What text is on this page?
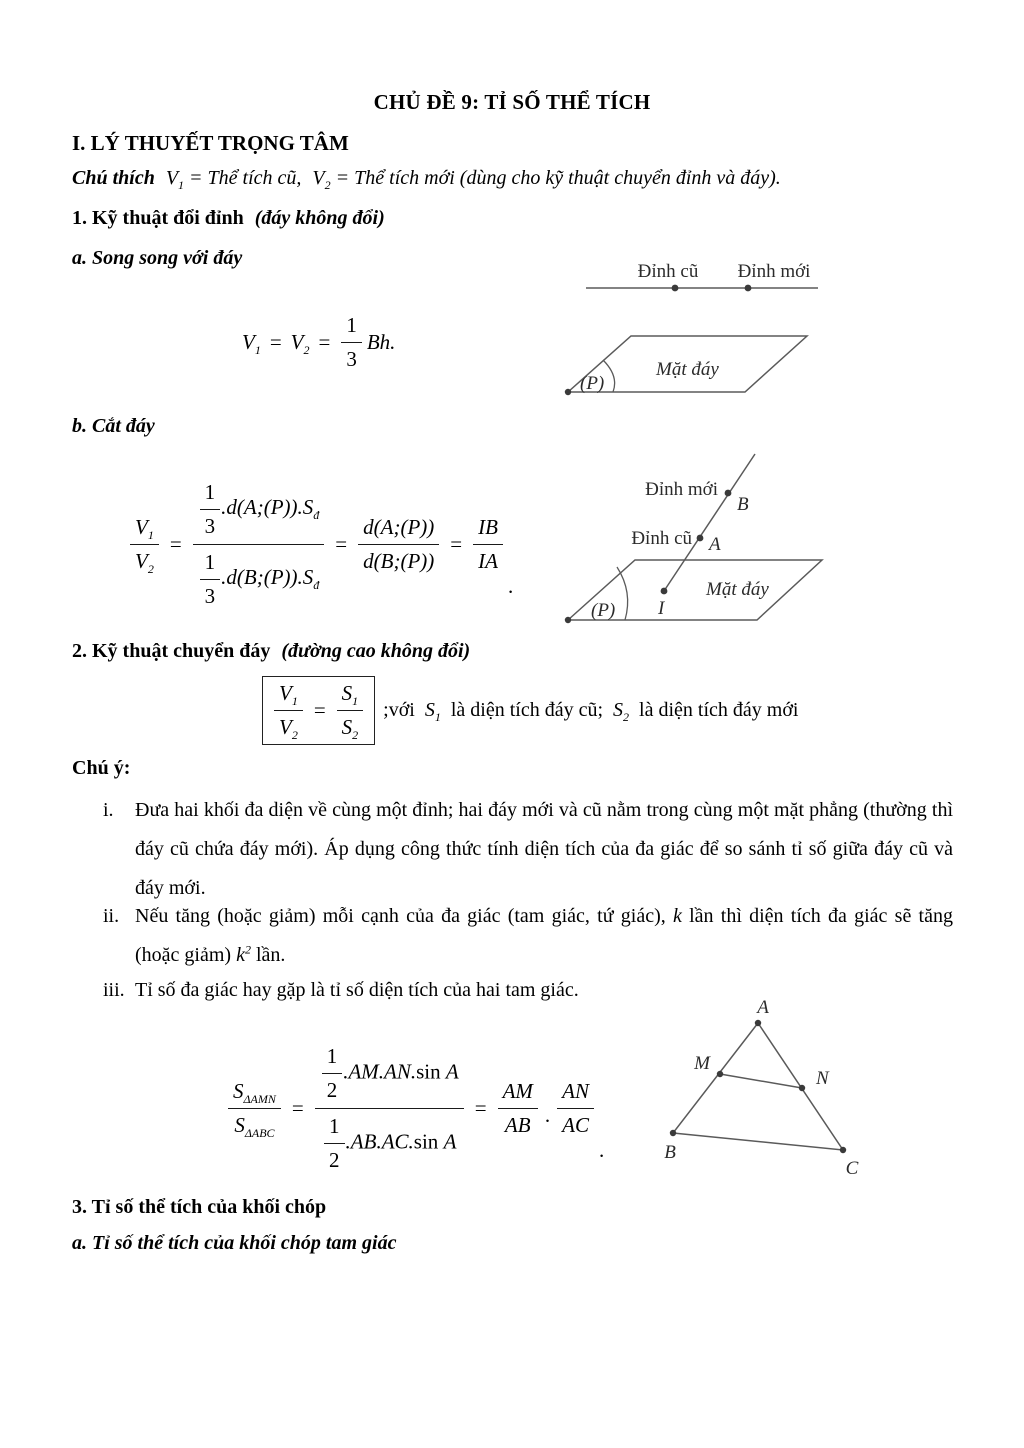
CHỦ ĐỀ 9: TỈ SỐ THỂ TÍCH
I. LÝ THUYẾT TRỌNG TÂM
Chú thích $V_1$ = Thể tích cũ, $V_2$ = Thể tích mới (dùng cho kỹ thuật chuyển đỉnh và đáy).
1. Kỹ thuật đổi đỉnh (đáy không đổi)
a. Song song với đáy
$V_1 = V_2 = \frac{1}{3} Bh$.
Đỉnh cũ Đỉnh mới
Mặt đáy
(P)
b. Cắt đáy
$\frac{V_1}{V_2} = \frac{\frac{1}{3} .d(A;(P)).S_đ}{\frac{1}{3} .d(B;(P)).S_đ} = \frac{d(A;(P))}{d(B;(P))} = \frac{IB}{IA}$
.
Đỉnh mới
B
Đỉnh cũ A
Mặt đáy
I
(P)
2. Kỹ thuật chuyển đáy (đường cao không đổi)
$\frac{V_1}{V_2} = \frac{S_1}{S_2}$ ;với $S_1$ là diện tích đáy cũ; $S_2$ là diện tích đáy mới
Chú ý:
i.	Đưa hai khối đa diện về cùng một đỉnh; hai đáy mới và cũ nằm trong cùng một mặt phẳng (thường thì đáy cũ chứa đáy mới). Áp dụng công thức tính diện tích của đa giác để so sánh tỉ số giữa đáy cũ và đáy mới.
ii. Nếu tăng (hoặc giảm) mỗi cạnh của đa giác (tam giác, tứ giác), k lần thì diện tích đa giác sẽ tăng (hoặc giảm) $k^2$ lần.
iii. Tỉ số đa giác hay gặp là tỉ số diện tích của hai tam giác.
$\frac{S_{\Delta AMN}}{S_{\Delta ABC}} = \frac{\frac{1}{2} .AM.AN.\sin A}{\frac{1}{2} .AB.AC.\sin A} = \frac{AM}{AB}$ . $\frac{AN}{AC}$
.
A
B
C
M
N
3. Tỉ số thể tích của khối chóp
a. Tỉ số thể tích của khối chóp tam giác
